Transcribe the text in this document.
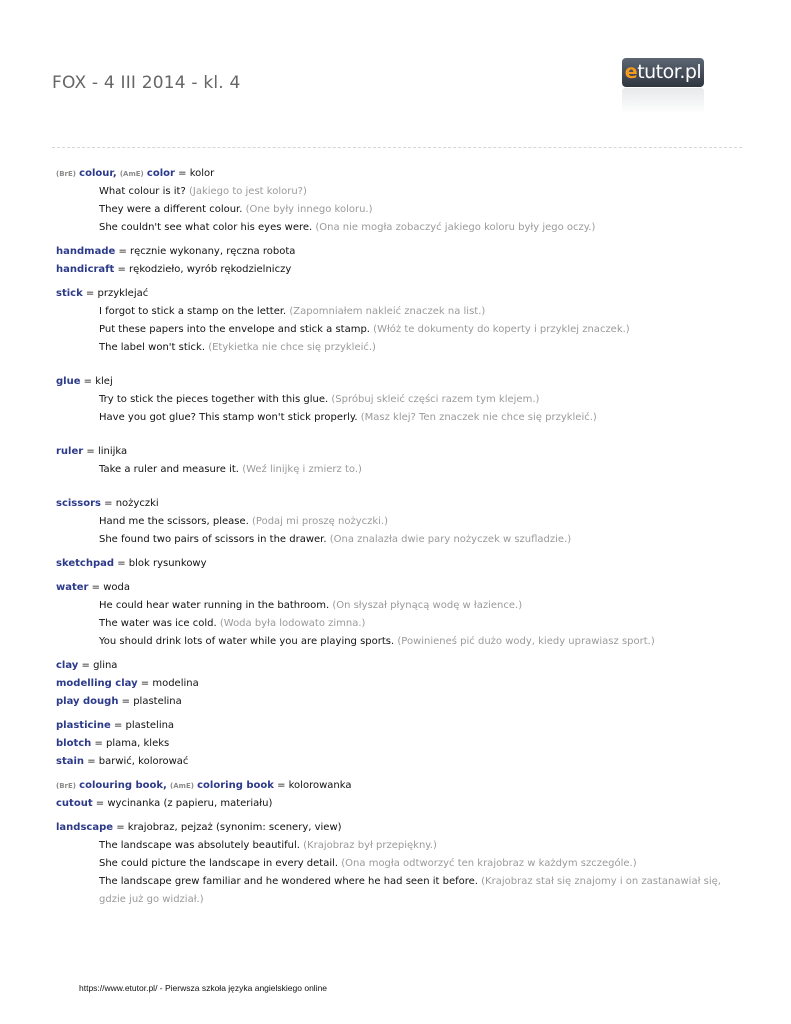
FOX - 4 III 2014 - kl. 4	etutor.pl
(BrE) colour, (AmE) color = kolor
What colour is it? (Jakiego to jest koloru?)
They were a different colour. (One były innego koloru.)
She couldn't see what color his eyes were. (Ona nie mogła zobaczyć jakiego koloru były jego oczy.)
handmade = ręcznie wykonany, ręczna robota
handicraft = rękodzieło, wyrób rękodzielniczy
stick = przyklejać
I forgot to stick a stamp on the letter. (Zapomniałem nakleić znaczek na list.)
Put these papers into the envelope and stick a stamp. (Włóż te dokumenty do koperty i przyklej znaczek.)
The label won't stick. (Etykietka nie chce się przykleić.)
glue = klej
Try to stick the pieces together with this glue. (Spróbuj skleić części razem tym klejem.)
Have you got glue? This stamp won't stick properly. (Masz klej? Ten znaczek nie chce się przykleić.)
ruler = linijka
Take a ruler and measure it. (Weź linijkę i zmierz to.)
scissors = nożyczki
Hand me the scissors, please. (Podaj mi proszę nożyczki.)
She found two pairs of scissors in the drawer. (Ona znalazła dwie pary nożyczek w szufladzie.)
sketchpad = blok rysunkowy
water = woda
He could hear water running in the bathroom. (On słyszał płynącą wodę w łazience.)
The water was ice cold. (Woda była lodowato zimna.)
You should drink lots of water while you are playing sports. (Powinieneś pić dużo wody, kiedy uprawiasz sport.)
clay = glina
modelling clay = modelina
play dough = plastelina
plasticine = plastelina
blotch = plama, kleks
stain = barwić, kolorować
(BrE) colouring book, (AmE) coloring book = kolorowanka
cutout = wycinanka (z papieru, materiału)
landscape = krajobraz, pejzaż (synonim: scenery, view)
The landscape was absolutely beautiful. (Krajobraz był przepiękny.)
She could picture the landscape in every detail. (Ona mogła odtworzyć ten krajobraz w każdym szczególe.)
The landscape grew familiar and he wondered where he had seen it before. (Krajobraz stał się znajomy i on zastanawiał się, gdzie już go widział.)
https://www.etutor.pl/ - Pierwsza szkoła języka angielskiego online
